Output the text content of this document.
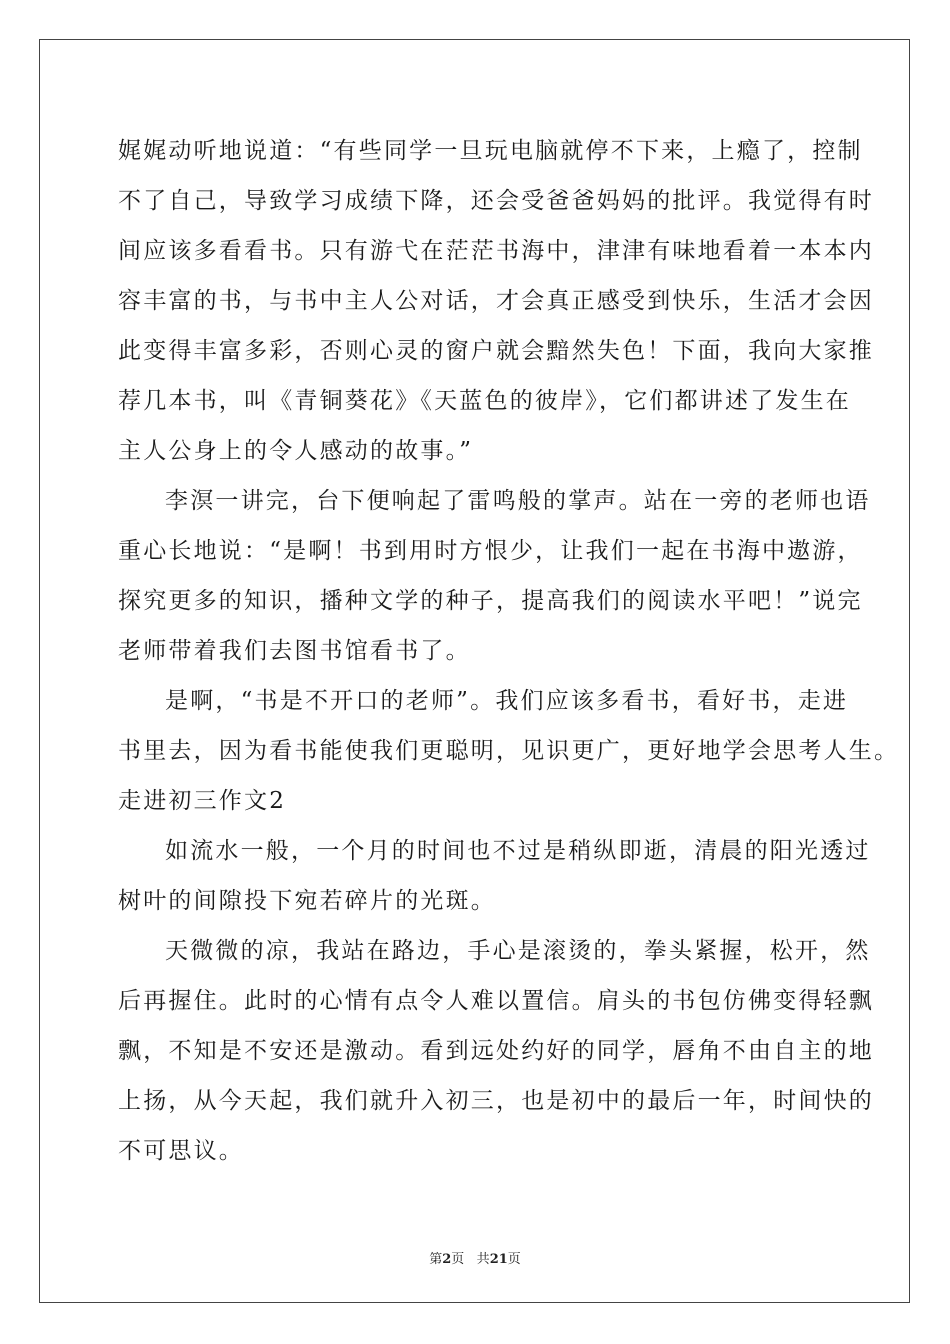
娓娓动听地说道：“有些同学一旦玩电脑就停不下来，上瘾了，控制
不了自己，导致学习成绩下降，还会受爸爸妈妈的批评。我觉得有时
间应该多看看书。只有游弋在茫茫书海中，津津有味地看着一本本内
容丰富的书，与书中主人公对话，才会真正感受到快乐，生活才会因
此变得丰富多彩，否则心灵的窗户就会黯然失色！下面，我向大家推
荐几本书，叫《青铜葵花》《天蓝色的彼岸》，它们都讲述了发生在
主人公身上的令人感动的故事。”
李溟一讲完，台下便响起了雷鸣般的掌声。站在一旁的老师也语
重心长地说：“是啊！书到用时方恨少，让我们一起在书海中遨游，
探究更多的知识，播种文学的种子，提高我们的阅读水平吧！”说完
老师带着我们去图书馆看书了。
是啊，“书是不开口的老师”。我们应该多看书，看好书，走进
书里去，因为看书能使我们更聪明，见识更广，更好地学会思考人生。
走进初三作文2
如流水一般，一个月的时间也不过是稍纵即逝，清晨的阳光透过
树叶的间隙投下宛若碎片的光斑。
天微微的凉，我站在路边，手心是滚烫的，拳头紧握，松开，然
后再握住。此时的心情有点令人难以置信。肩头的书包仿佛变得轻飘
飘，不知是不安还是激动。看到远处约好的同学，唇角不由自主的地
上扬，从今天起，我们就升入初三，也是初中的最后一年，时间快的
不可思议。
第2页 共21页
